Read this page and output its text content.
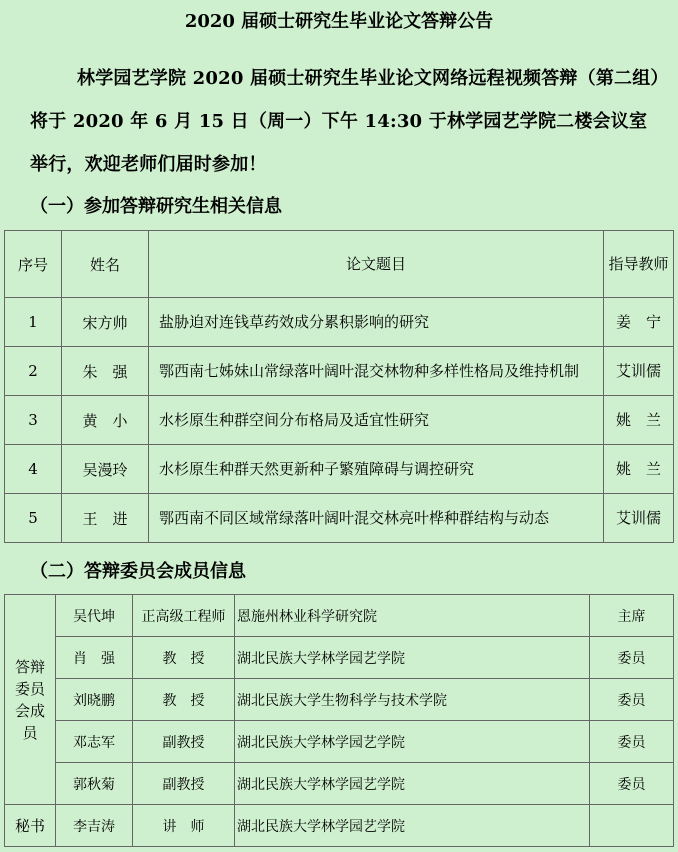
2020 届硕士研究生毕业论文答辩公告
林学园艺学院 2020 届硕士研究生毕业论文网络远程视频答辩（第二组）将于 2020 年 6 月 15 日（周一）下午 14:30 于林学园艺学院二楼会议室举行，欢迎老师们届时参加！
（一）参加答辩研究生相关信息
序号	姓名	论文题目	指导教师
1	宋方帅	盐胁迫对连钱草药效成分累积影响的研究	姜　宁
2	朱　强	鄂西南七姊妹山常绿落叶阔叶混交林物种多样性格局及维持机制	艾训儒
3	黄　小	水杉原生种群空间分布格局及适宜性研究	姚　兰
4	吴漫玲	水杉原生种群天然更新种子繁殖障碍与调控研究	姚　兰
5	王　进	鄂西南不同区域常绿落叶阔叶混交林亮叶桦种群结构与动态	艾训儒
（二）答辩委员会成员信息
答辩委员会成员	吴代坤	正高级工程师	恩施州林业科学研究院	主席
	肖　强	教　授	湖北民族大学林学园艺学院	委员
	刘晓鹏	教　授	湖北民族大学生物科学与技术学院	委员
	邓志军	副教授	湖北民族大学林学园艺学院	委员
	郭秋菊	副教授	湖北民族大学林学园艺学院	委员
秘书	李吉涛	讲　师	湖北民族大学林学园艺学院	
